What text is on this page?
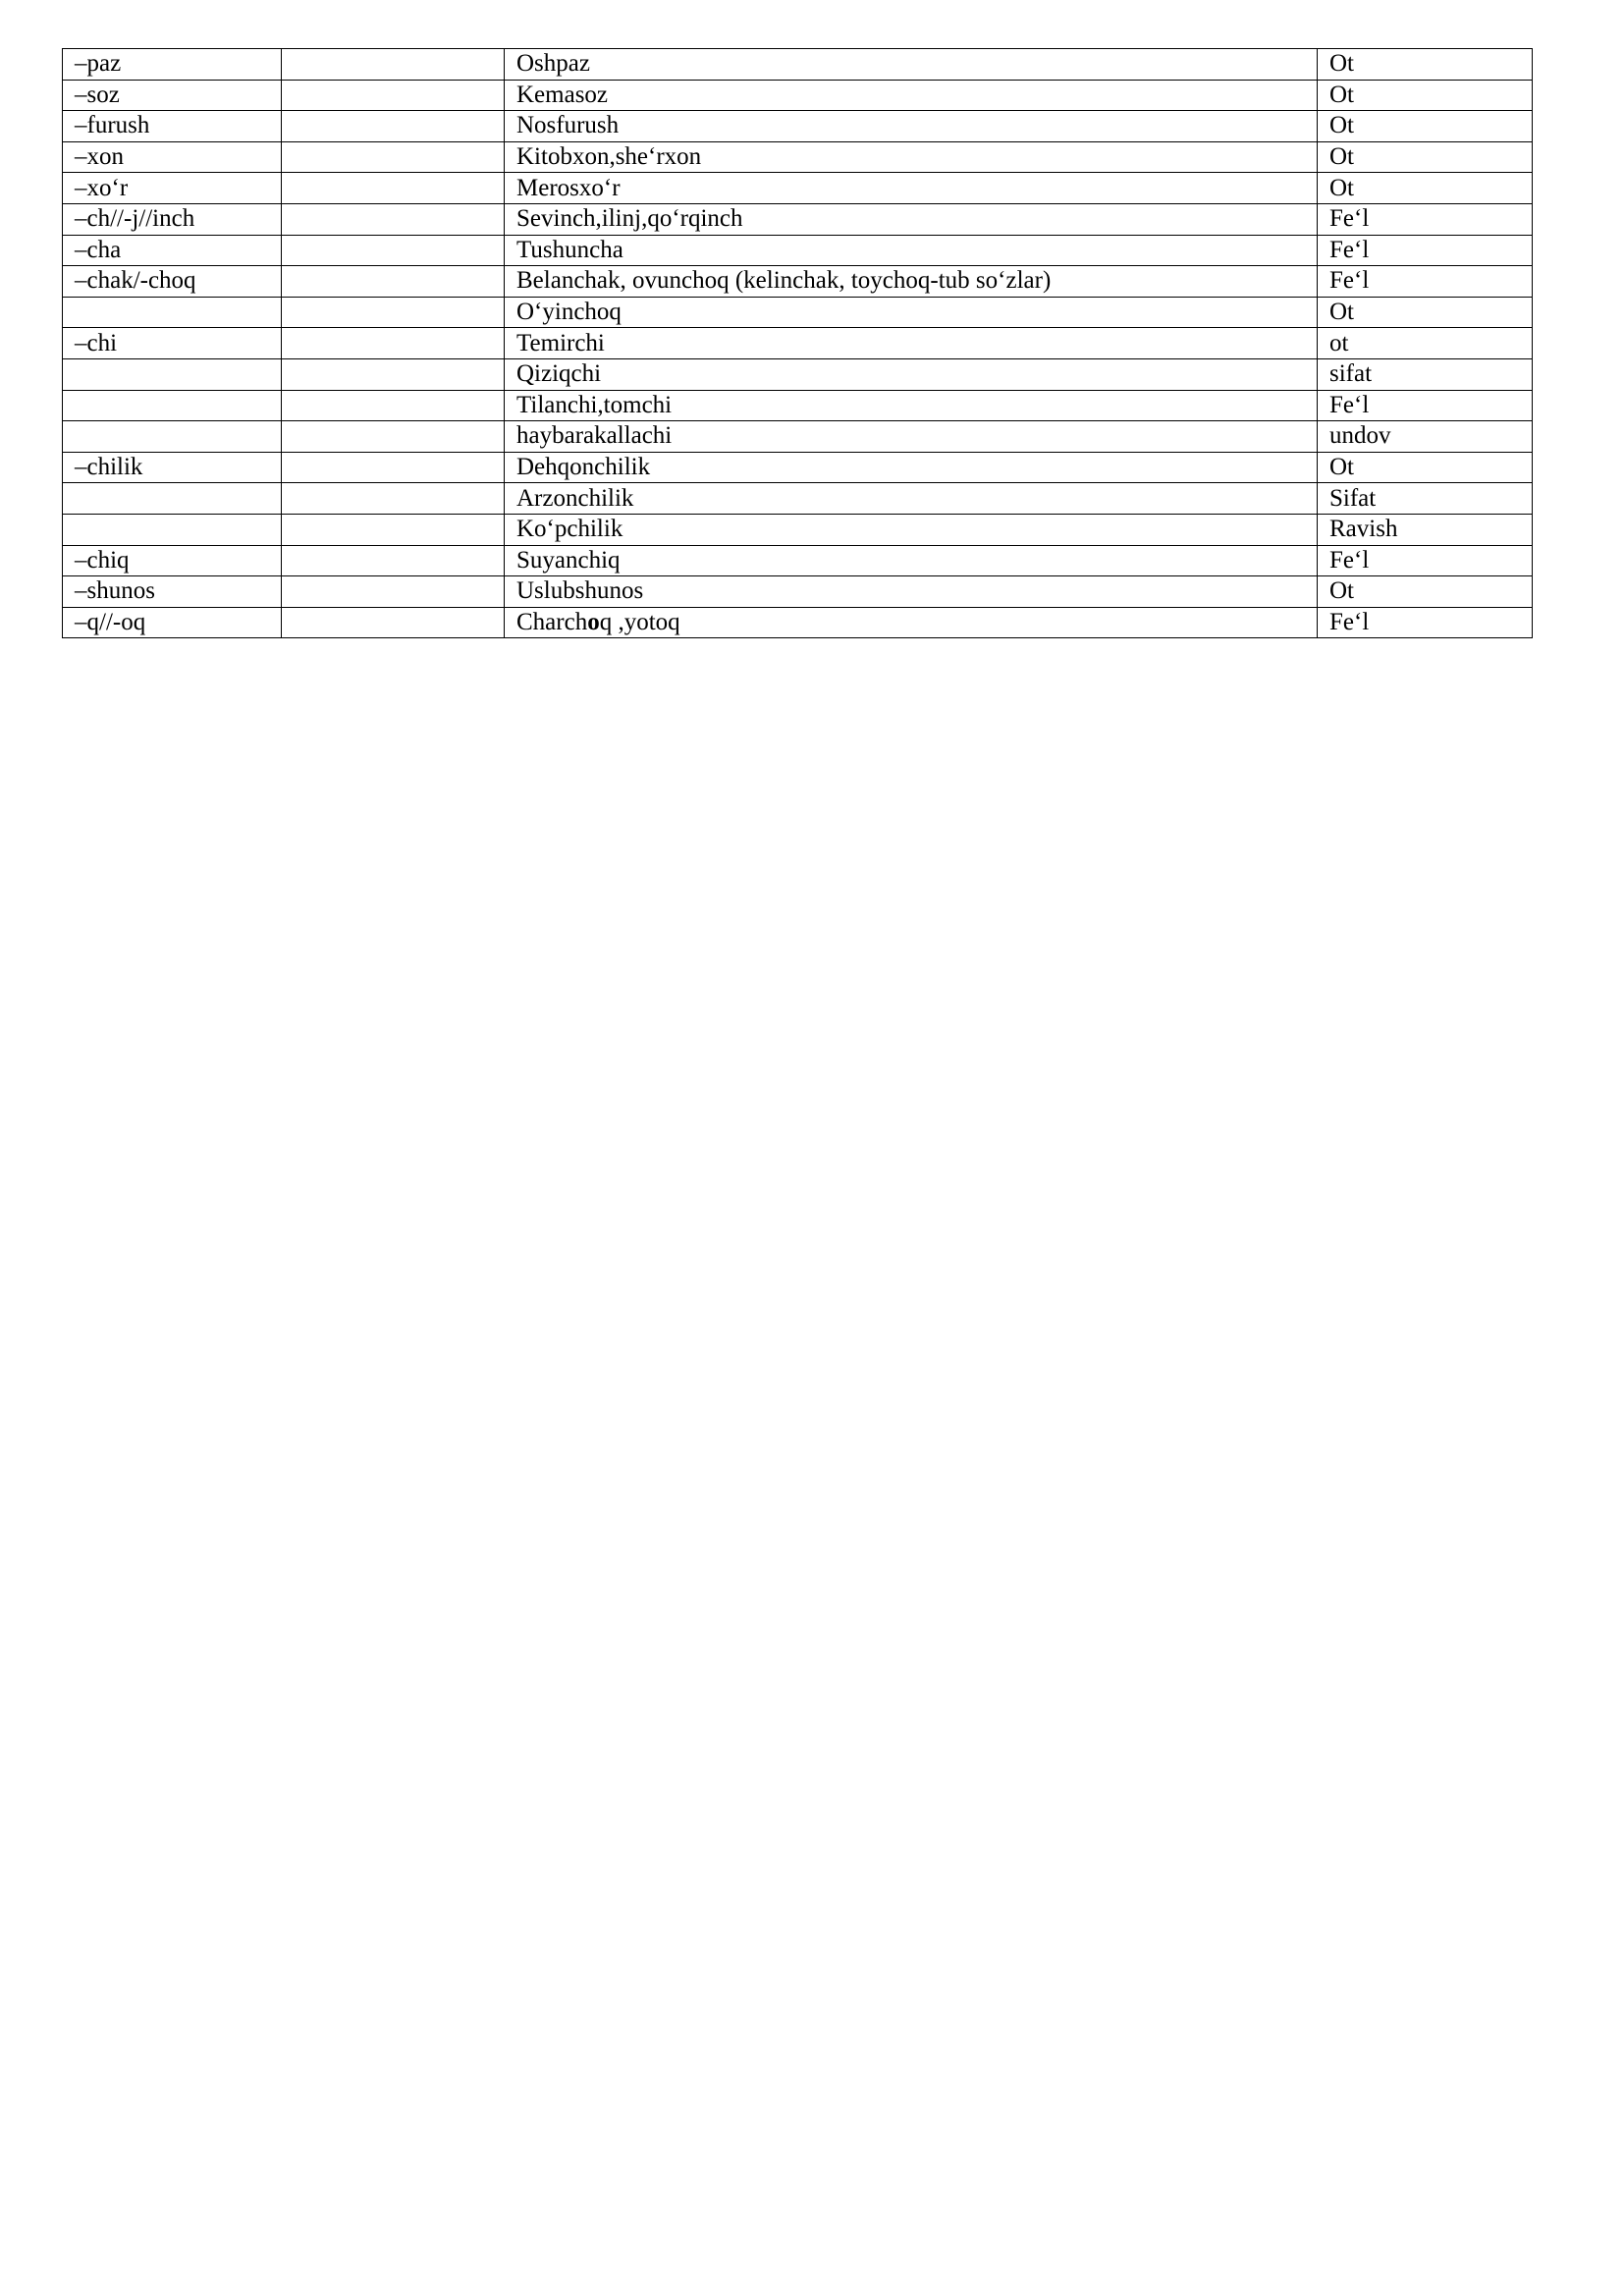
–paz		Oshpaz	Ot
–soz		Kemasoz	Ot
–furush		Nosfurush	Ot
–xon		Kitobxon,she‘rxon	Ot
–xo‘r		Merosxo‘r	Ot
–ch//-j//inch		Sevinch,ilinj,qo‘rqinch	Fe‘l
–cha		Tushuncha	Fe‘l
–chak/-choq		Belanchak, ovunchoq (kelinchak, toychoq-tub so‘zlar)	Fe‘l
		O‘yinchoq	Ot
–chi		Temirchi	ot
		Qiziqchi	sifat
		Tilanchi,tomchi	Fe‘l
		haybarakallachi	undov
–chilik		Dehqonchilik	Ot
		Arzonchilik	Sifat
		Ko‘pchilik	Ravish
–chiq		Suyanchiq	Fe‘l
–shunos		Uslubshunos	Ot
–q//-oq		Charchoq ,yotoq	Fe‘l
